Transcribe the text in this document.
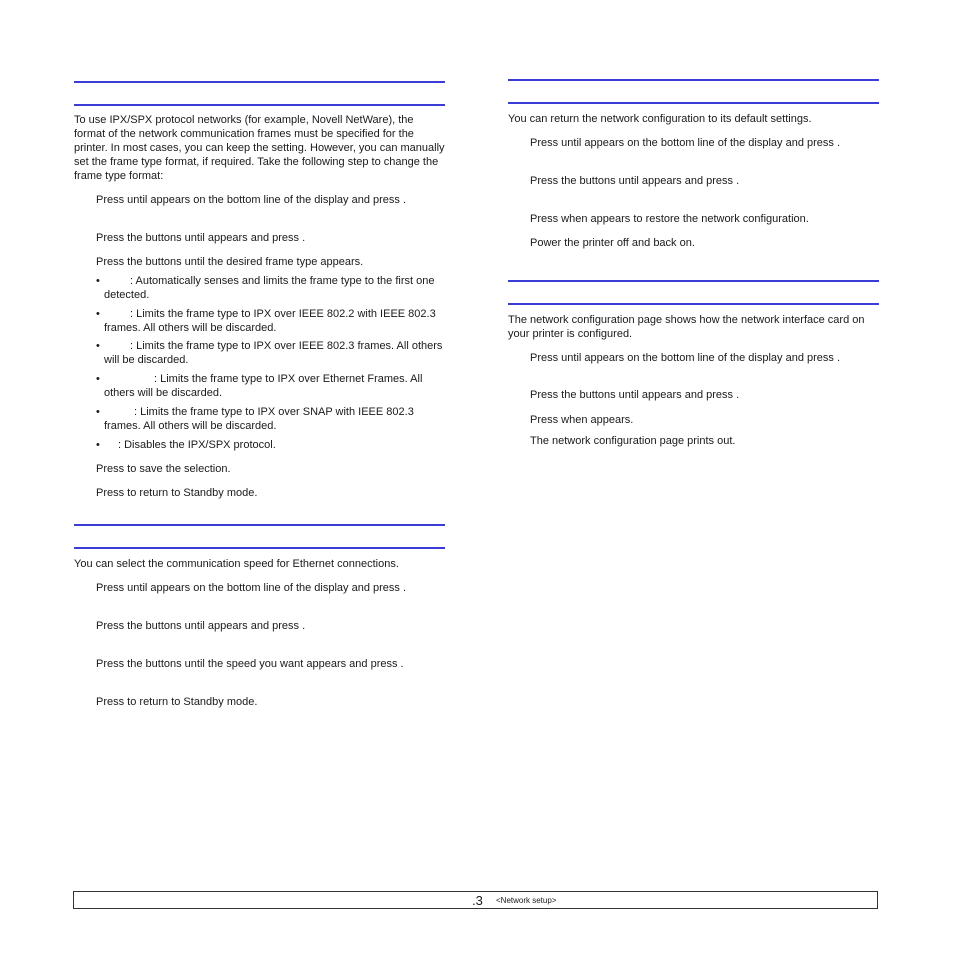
To use IPX/SPX protocol networks (for example, Novell NetWare), the format of the network communication frames must be specified for the printer. In most cases, you can keep the setting. However, you can manually set the frame type format, if required. Take the following step to change the frame type format:

Press until appears on the bottom line of the display and press .

Press the buttons until appears and press .

Press the buttons until the desired frame type appears.

•	: Automatically senses and limits the frame type to the first one detected.
•	: Limits the frame type to IPX over IEEE 802.2 with IEEE 802.3 frames. All others will be discarded.
•	: Limits the frame type to IPX over IEEE 802.3 frames. All others will be discarded.
•	: Limits the frame type to IPX over Ethernet Frames. All others will be discarded.
•	: Limits the frame type to IPX over SNAP with IEEE 802.3 frames. All others will be discarded.
• : Disables the IPX/SPX protocol.

Press to save the selection.

Press to return to Standby mode.

You can select the communication speed for Ethernet connections.

Press until appears on the bottom line of the display and press .

Press the buttons until appears and press .

Press the buttons until the speed you want appears and press .

Press to return to Standby mode.

You can return the network configuration to its default settings.

Press until appears on the bottom line of the display and press .

Press the buttons until appears and press .

Press when appears to restore the network configuration.

Power the printer off and back on.

The network configuration page shows how the network interface card on your printer is configured.

Press until appears on the bottom line of the display and press .

Press the buttons until appears and press .

Press when appears.

The network configuration page prints out.

.3 <Network setup>
